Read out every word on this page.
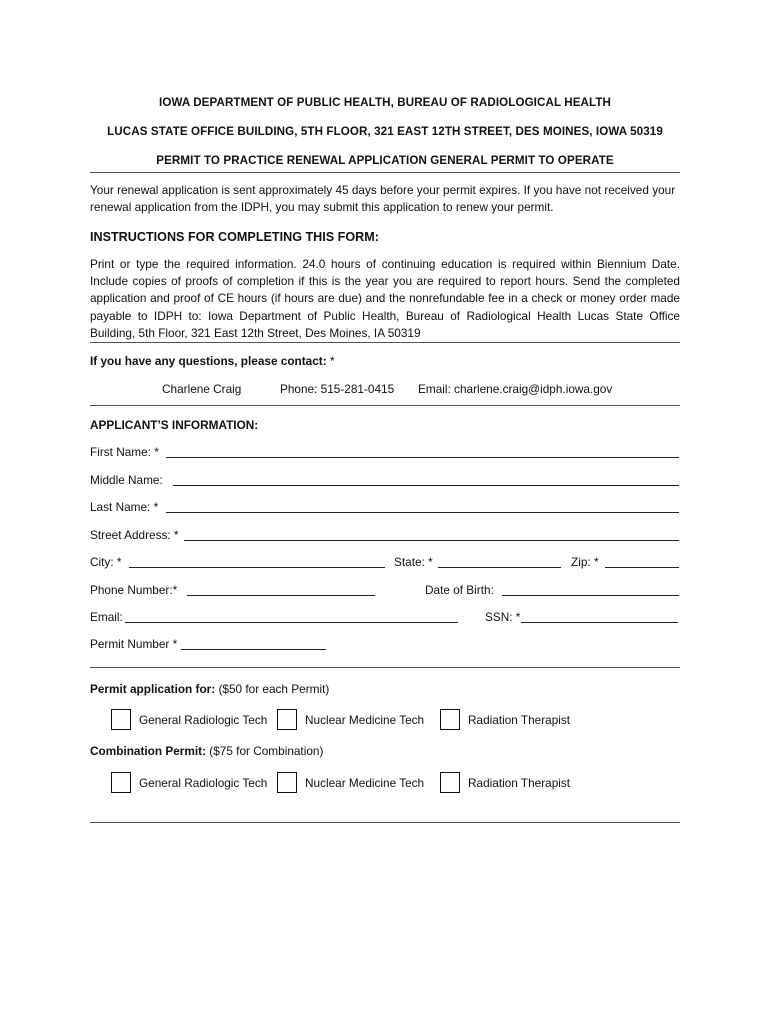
IOWA DEPARTMENT OF PUBLIC HEALTH, BUREAU OF RADIOLOGICAL HEALTH
LUCAS STATE OFFICE BUILDING, 5TH FLOOR, 321 EAST 12TH STREET, DES MOINES, IOWA 50319
PERMIT TO PRACTICE RENEWAL APPLICATION GENERAL PERMIT TO OPERATE
Your renewal application is sent approximately 45 days before your permit expires. If you have not received your renewal application from the IDPH, you may submit this application to renew your permit.
INSTRUCTIONS FOR COMPLETING THIS FORM:
Print or type the required information. 24.0 hours of continuing education is required within Biennium Date. Include copies of proofs of completion if this is the year you are required to report hours. Send the completed application and proof of CE hours (if hours are due) and the nonrefundable fee in a check or money order made payable to IDPH to: Iowa Department of Public Health, Bureau of Radiological Health Lucas State Office Building, 5th Floor, 321 East 12th Street, Des Moines, IA 50319
If you have any questions, please contact: *
Charlene Craig	Phone: 515-281-0415 Email: charlene.craig@idph.iowa.gov
APPLICANT’S INFORMATION:
First Name: *
Middle Name:
Last Name: *
Street Address: *
City: *	State: *	Zip: *
Phone Number:*	Date of Birth:
Email:	SSN: *
Permit Number *
Permit application for: ($50 for each Permit)
General Radiologic Tech	Nuclear Medicine Tech	Radiation Therapist
Combination Permit: ($75 for Combination)
General Radiologic Tech	Nuclear Medicine Tech	Radiation Therapist
